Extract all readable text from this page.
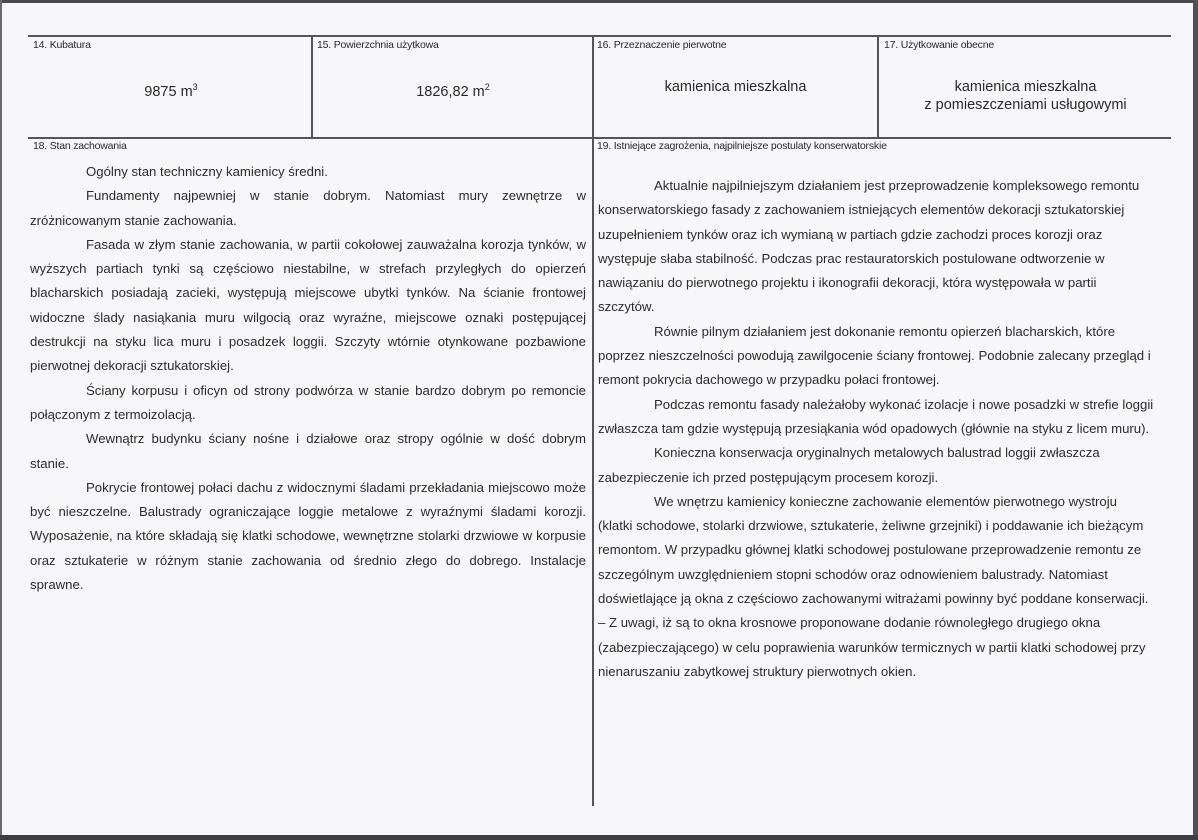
14. Kubatura
9875 $m^3$
15. Powierzchnia użytkowa
1826,82 $m^2$
16. Przeznaczenie pierwotne
kamienica mieszkalna
17. Użytkowanie obecne
kamienica mieszkalna
z pomieszczeniami usługowymi
18. Stan zachowania

Ogólny stan techniczny kamienicy średni.

Fundamenty najpewniej w stanie dobrym. Natomiast mury zewnętrze w zróżnicowanym stanie zachowania.

Fasada w złym stanie zachowania, w partii cokołowej zauważalna korozja tynków, w wyższych partiach tynki są częściowo niestabilne, w strefach przyległych do opierzeń blacharskich posiadają zacieki, występują miejscowe ubytki tynków. Na ścianie frontowej widoczne ślady nasiąkania muru wilgocią oraz wyraźne, miejscowe oznaki postępującej destrukcji na styku lica muru i posadzek loggii. Szczyty wtórnie otynkowane pozbawione pierwotnej dekoracji sztukatorskiej.

Ściany korpusu i oficyn od strony podwórza w stanie bardzo dobrym po remoncie połączonym z termoizolacją.

Wewnątrz budynku ściany nośne i działowe oraz stropy ogólnie w dość dobrym stanie.

Pokrycie frontowej połaci dachu z widocznymi śladami przekładania miejscowo może być nieszczelne. Balustrady ograniczające loggie metalowe z wyraźnymi śladami korozji. Wyposażenie, na które składają się klatki schodowe, wewnętrzne stolarki drzwiowe w korpusie oraz sztukaterie w różnym stanie zachowania od średnio złego do dobrego. Instalacje sprawne.

19. Istniejące zagrożenia, najpilniejsze postulaty konserwatorskie

Aktualnie najpilniejszym działaniem jest przeprowadzenie kompleksowego remontu konserwatorskiego fasady z zachowaniem istniejących elementów dekoracji sztukatorskiej uzupełnieniem tynków oraz ich wymianą w partiach gdzie zachodzi proces korozji oraz występuje słaba stabilność. Podczas prac restauratorskich postulowane odtworzenie w nawiązaniu do pierwotnego projektu i ikonografii dekoracji, która występowała w partii szczytów.

Równie pilnym działaniem jest dokonanie remontu opierzeń blacharskich, które poprzez nieszczelności powodują zawilgocenie ściany frontowej. Podobnie zalecany przegląd i remont pokrycia dachowego w przypadku połaci frontowej.

Podczas remontu fasady należałoby wykonać izolacje i nowe posadzki w strefie loggii zwłaszcza tam gdzie występują przesiąkania wód opadowych (głównie na styku z licem muru).

Konieczna konserwacja oryginalnych metalowych balustrad loggii zwłaszcza zabezpieczenie ich przed postępującym procesem korozji.

We wnętrzu kamienicy konieczne zachowanie elementów pierwotnego wystroju (klatki schodowe, stolarki drzwiowe, sztukaterie, żeliwne grzejniki) i poddawanie ich bieżącym remontom. W przypadku głównej klatki schodowej postulowane przeprowadzenie remontu ze szczególnym uwzględnieniem stopni schodów oraz odnowieniem balustrady. Natomiast doświetlające ją okna z częściowo zachowanymi witrażami powinny być poddane konserwacji. – Z uwagi, iż są to okna krosnowe proponowane dodanie równoległego drugiego okna (zabezpieczającego) w celu poprawienia warunków termicznych w partii klatki schodowej przy nienaruszaniu zabytkowej struktury pierwotnych okien.
